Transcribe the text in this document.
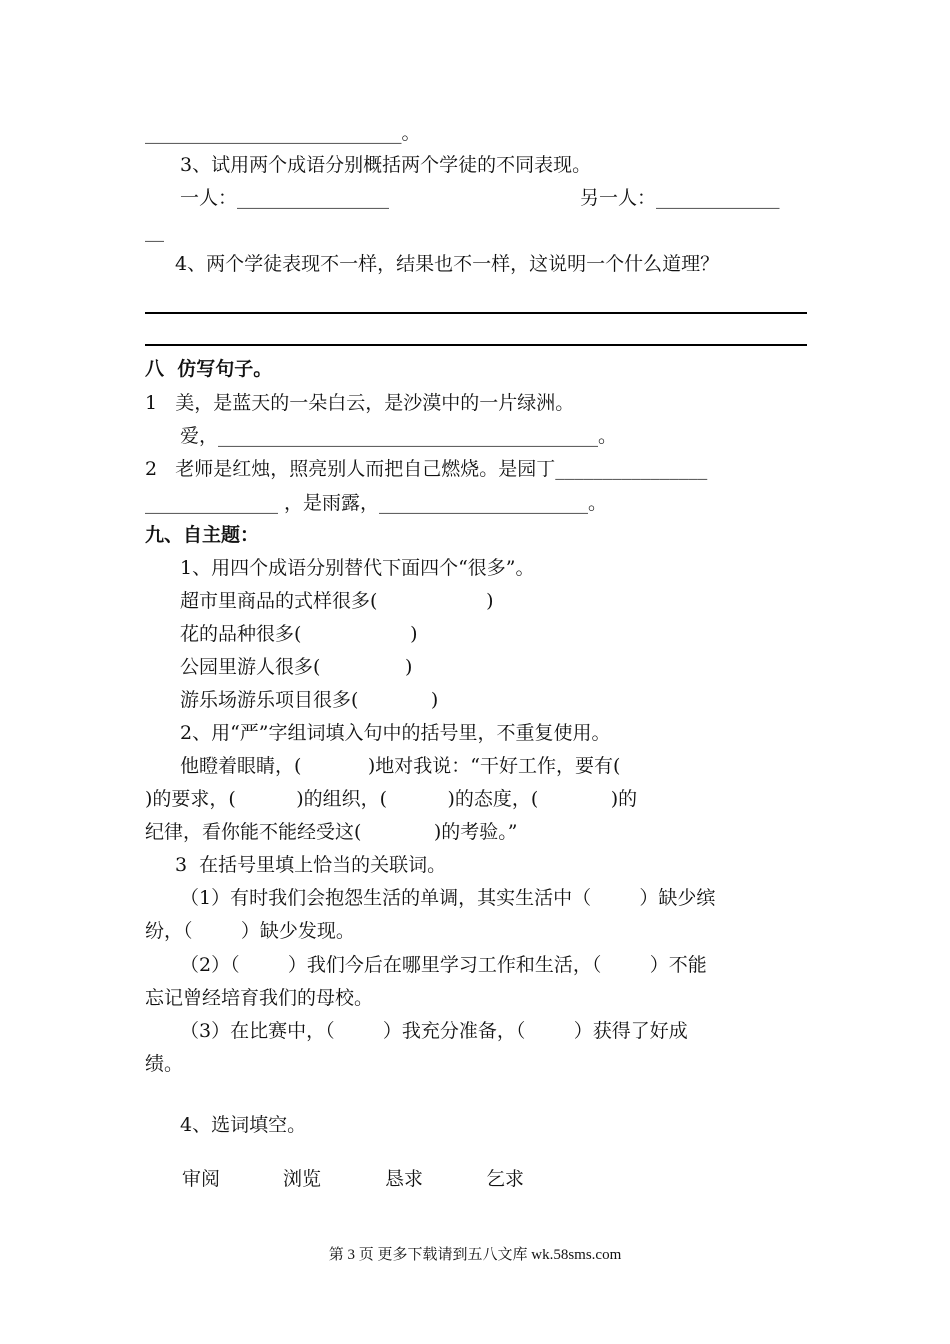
___________________________。
3、试用两个成语分别概括两个学徒的不同表现。
一人：________________	另一人：_____________
__
4、两个学徒表现不一样，结果也不一样，这说明一个什么道理？
八  仿写句子。
1   美，是蓝天的一朵白云，是沙漠中的一片绿洲。
爱，________________________________________。
2   老师是红烛，照亮别人而把自己燃烧。是园丁________________
______________ ，是雨露，______________________。
九、自主题：
1、用四个成语分别替代下面四个“很多”。
超市里商品的式样很多(                  )
花的品种很多(                  )
公园里游人很多(              )
游乐场游乐项目很多(            )
2、用“严”字组词填入句中的括号里，不重复使用。
他瞪着眼睛，(           )地对我说：“干好工作，要有(
)的要求，(          )的组织，(          )的态度，(            )的
纪律，看你能不能经受这(            )的考验。”
3  在括号里填上恰当的关联词。
（1）有时我们会抱怨生活的单调，其实生活中（        ）缺少缤
纷，（        ）缺少发现。
（2）（        ）我们今后在哪里学习工作和生活，（        ）不能
忘记曾经培育我们的母校。
（3）在比赛中，（        ）我充分准备，（        ）获得了好成
绩。
4、选词填空。
审阅	浏览	恳求	乞求
第 3 页 更多下载请到五八文库 wk.58sms.com
